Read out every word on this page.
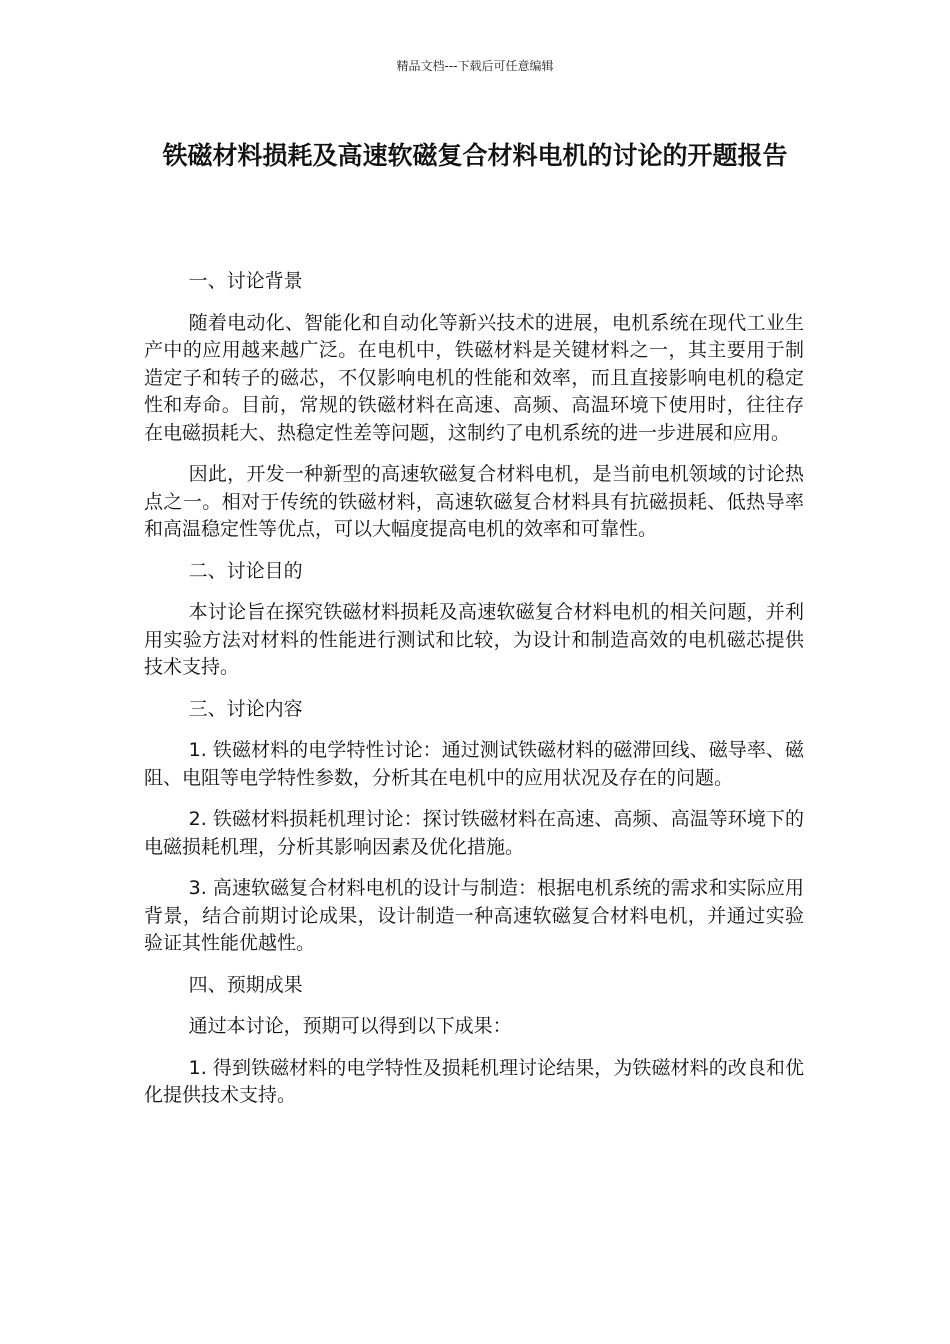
精品文档---下载后可任意编辑
铁磁材料损耗及高速软磁复合材料电机的讨论的开题报告

一、讨论背景

随着电动化、智能化和自动化等新兴技术的进展，电机系统在现代工业生产中的应用越来越广泛。在电机中，铁磁材料是关键材料之一，其主要用于制造定子和转子的磁芯，不仅影响电机的性能和效率，而且直接影响电机的稳定性和寿命。目前，常规的铁磁材料在高速、高频、高温环境下使用时，往往存在电磁损耗大、热稳定性差等问题，这制约了电机系统的进一步进展和应用。

因此，开发一种新型的高速软磁复合材料电机，是当前电机领域的讨论热点之一。相对于传统的铁磁材料，高速软磁复合材料具有抗磁损耗、低热导率和高温稳定性等优点，可以大幅度提高电机的效率和可靠性。

二、讨论目的

本讨论旨在探究铁磁材料损耗及高速软磁复合材料电机的相关问题，并利用实验方法对材料的性能进行测试和比较，为设计和制造高效的电机磁芯提供技术支持。

三、讨论内容

1. 铁磁材料的电学特性讨论：通过测试铁磁材料的磁滞回线、磁导率、磁阻、电阻等电学特性参数，分析其在电机中的应用状况及存在的问题。

2. 铁磁材料损耗机理讨论：探讨铁磁材料在高速、高频、高温等环境下的电磁损耗机理，分析其影响因素及优化措施。

3. 高速软磁复合材料电机的设计与制造：根据电机系统的需求和实际应用背景，结合前期讨论成果，设计制造一种高速软磁复合材料电机，并通过实验验证其性能优越性。

四、预期成果

通过本讨论，预期可以得到以下成果：

1. 得到铁磁材料的电学特性及损耗机理讨论结果，为铁磁材料的改良和优化提供技术支持。
